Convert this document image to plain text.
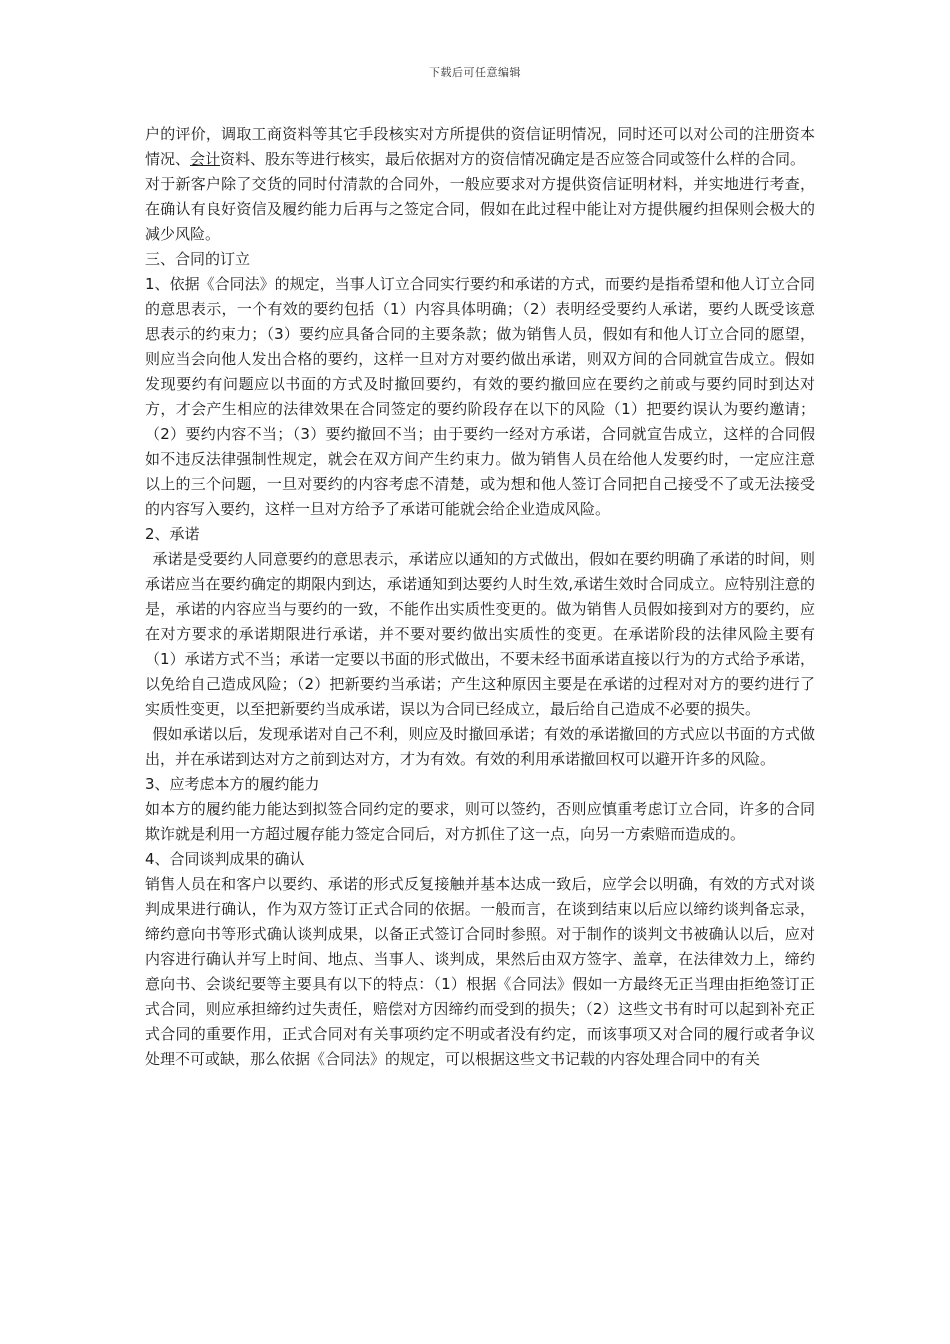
下载后可任意编辑

户的评价，调取工商资料等其它手段核实对方所提供的资信证明情况，同时还可以对公司的注册资本情况、会计资料、股东等进行核实，最后依据对方的资信情况确定是否应签合同或签什么样的合同。

对于新客户除了交货的同时付清款的合同外，一般应要求对方提供资信证明材料，并实地进行考查，在确认有良好资信及履约能力后再与之签定合同，假如在此过程中能让对方提供履约担保则会极大的减少风险。

三、合同的订立

1、依据《合同法》的规定，当事人订立合同实行要约和承诺的方式，而要约是指希望和他人订立合同的意思表示，一个有效的要约包括（1）内容具体明确；（2）表明经受要约人承诺，要约人既受该意思表示的约束力；（3）要约应具备合同的主要条款；做为销售人员，假如有和他人订立合同的愿望，则应当会向他人发出合格的要约，这样一旦对方对要约做出承诺，则双方间的合同就宣告成立。假如发现要约有问题应以书面的方式及时撤回要约，有效的要约撤回应在要约之前或与要约同时到达对方，才会产生相应的法律效果在合同签定的要约阶段存在以下的风险（1）把要约误认为要约邀请；（2）要约内容不当；（3）要约撤回不当；由于要约一经对方承诺，合同就宣告成立，这样的合同假如不违反法律强制性规定，就会在双方间产生约束力。做为销售人员在给他人发要约时，一定应注意以上的三个问题，一旦对要约的内容考虑不清楚，或为想和他人签订合同把自己接受不了或无法接受的内容写入要约，这样一旦对方给予了承诺可能就会给企业造成风险。

2、承诺

承诺是受要约人同意要约的意思表示，承诺应以通知的方式做出，假如在要约明确了承诺的时间，则承诺应当在要约确定的期限内到达，承诺通知到达要约人时生效,承诺生效时合同成立。应特别注意的是，承诺的内容应当与要约的一致，不能作出实质性变更的。做为销售人员假如接到对方的要约，应在对方要求的承诺期限进行承诺，并不要对要约做出实质性的变更。在承诺阶段的法律风险主要有（1）承诺方式不当；承诺一定要以书面的形式做出，不要未经书面承诺直接以行为的方式给予承诺，以免给自己造成风险；（2）把新要约当承诺；产生这种原因主要是在承诺的过程对对方的要约进行了实质性变更，以至把新要约当成承诺，误以为合同已经成立，最后给自己造成不必要的损失。

假如承诺以后，发现承诺对自己不利，则应及时撤回承诺；有效的承诺撤回的方式应以书面的方式做出，并在承诺到达对方之前到达对方，才为有效。有效的利用承诺撤回权可以避开许多的风险。

3、应考虑本方的履约能力

如本方的履约能力能达到拟签合同约定的要求，则可以签约，否则应慎重考虑订立合同，许多的合同欺诈就是利用一方超过履存能力签定合同后，对方抓住了这一点，向另一方索赔而造成的。

4、合同谈判成果的确认

销售人员在和客户以要约、承诺的形式反复接触并基本达成一致后，应学会以明确，有效的方式对谈判成果进行确认，作为双方签订正式合同的依据。一般而言，在谈到结束以后应以缔约谈判备忘录，缔约意向书等形式确认谈判成果，以备正式签订合同时参照。对于制作的谈判文书被确认以后，应对内容进行确认并写上时间、地点、当事人、谈判成，果然后由双方签字、盖章，在法律效力上，缔约意向书、会谈纪要等主要具有以下的特点：（1）根据《合同法》假如一方最终无正当理由拒绝签订正式合同，则应承担缔约过失责任，赔偿对方因缔约而受到的损失；（2）这些文书有时可以起到补充正式合同的重要作用，正式合同对有关事项约定不明或者没有约定，而该事项又对合同的履行或者争议处理不可或缺，那么依据《合同法》的规定，可以根据这些文书记载的内容处理合同中的有关
